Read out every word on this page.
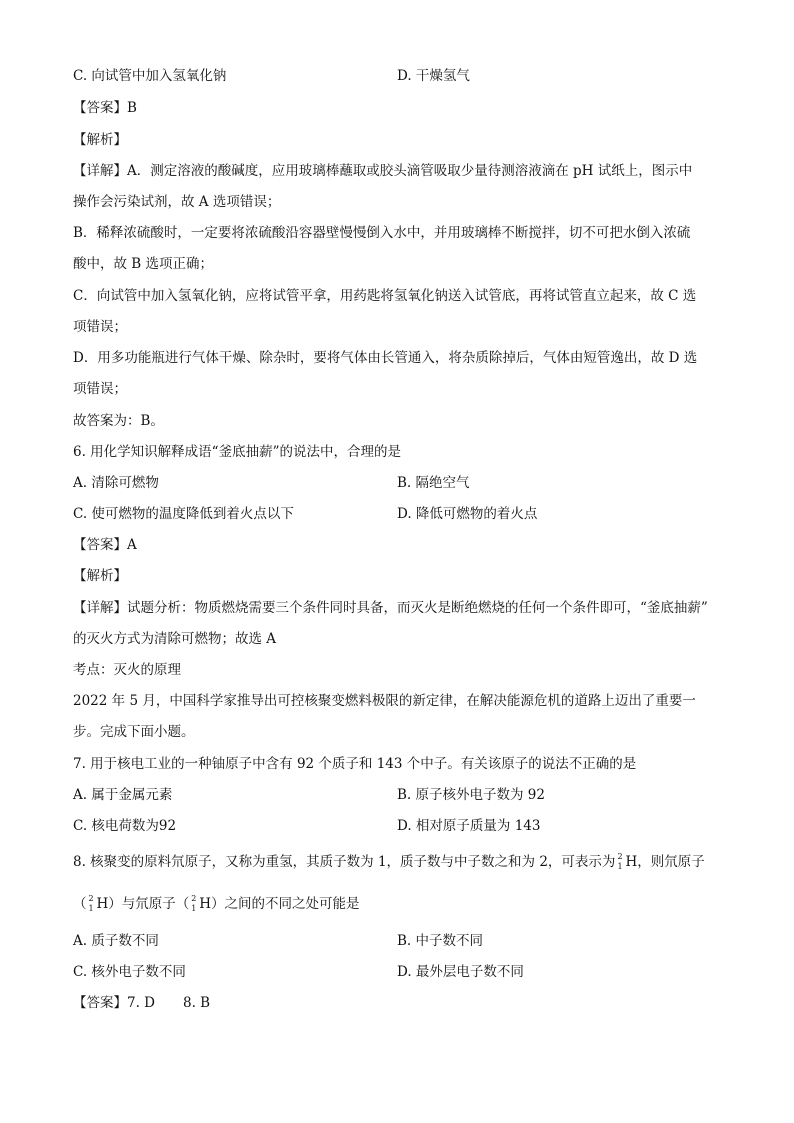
C. 向试管中加入氢氧化钠	D. 干燥氢气
【答案】B
【解析】
【详解】A．测定溶液的酸碱度，应用玻璃棒蘸取或胶头滴管吸取少量待测溶液滴在 pH 试纸上，图示中
操作会污染试剂，故 A 选项错误；
B．稀释浓硫酸时，一定要将浓硫酸沿容器壁慢慢倒入水中，并用玻璃棒不断搅拌，切不可把水倒入浓硫
酸中，故 B 选项正确；
C．向试管中加入氢氧化钠，应将试管平拿，用药匙将氢氧化钠送入试管底，再将试管直立起来，故 C 选
项错误；
D．用多功能瓶进行气体干燥、除杂时，要将气体由长管通入，将杂质除掉后，气体由短管逸出，故 D 选
项错误；
故答案为：B。
6. 用化学知识解释成语“釜底抽薪”的说法中，合理的是
A. 清除可燃物	B. 隔绝空气
C. 使可燃物的温度降低到着火点以下	D. 降低可燃物的着火点
【答案】A
【解析】
【详解】试题分析：物质燃烧需要三个条件同时具备，而灭火是断绝燃烧的任何一个条件即可，“釜底抽薪”
的灭火方式为清除可燃物；故选 A
考点：灭火的原理
2022 年 5 月，中国科学家推导出可控核聚变燃料极限的新定律，在解决能源危机的道路上迈出了重要一
步。完成下面小题。
7. 用于核电工业的一种铀原子中含有 92 个质子和 143 个中子。有关该原子的说法不正确的是
A. 属于金属元素	B. 原子核外电子数为 92
C. 核电荷数为92	D. 相对原子质量为 143
8. 核聚变的原料氘原子，又称为重氢，其质子数为 1，质子数与中子数之和为 2，可表示为 2
1 H，则氘原子
（ 2
1 H）与氘原子（ 2
1 H）之间的不同之处可能是
A. 质子数不同	B. 中子数不同
C. 核外电子数不同	D. 最外层电子数不同
【答案】7. D 8. B
